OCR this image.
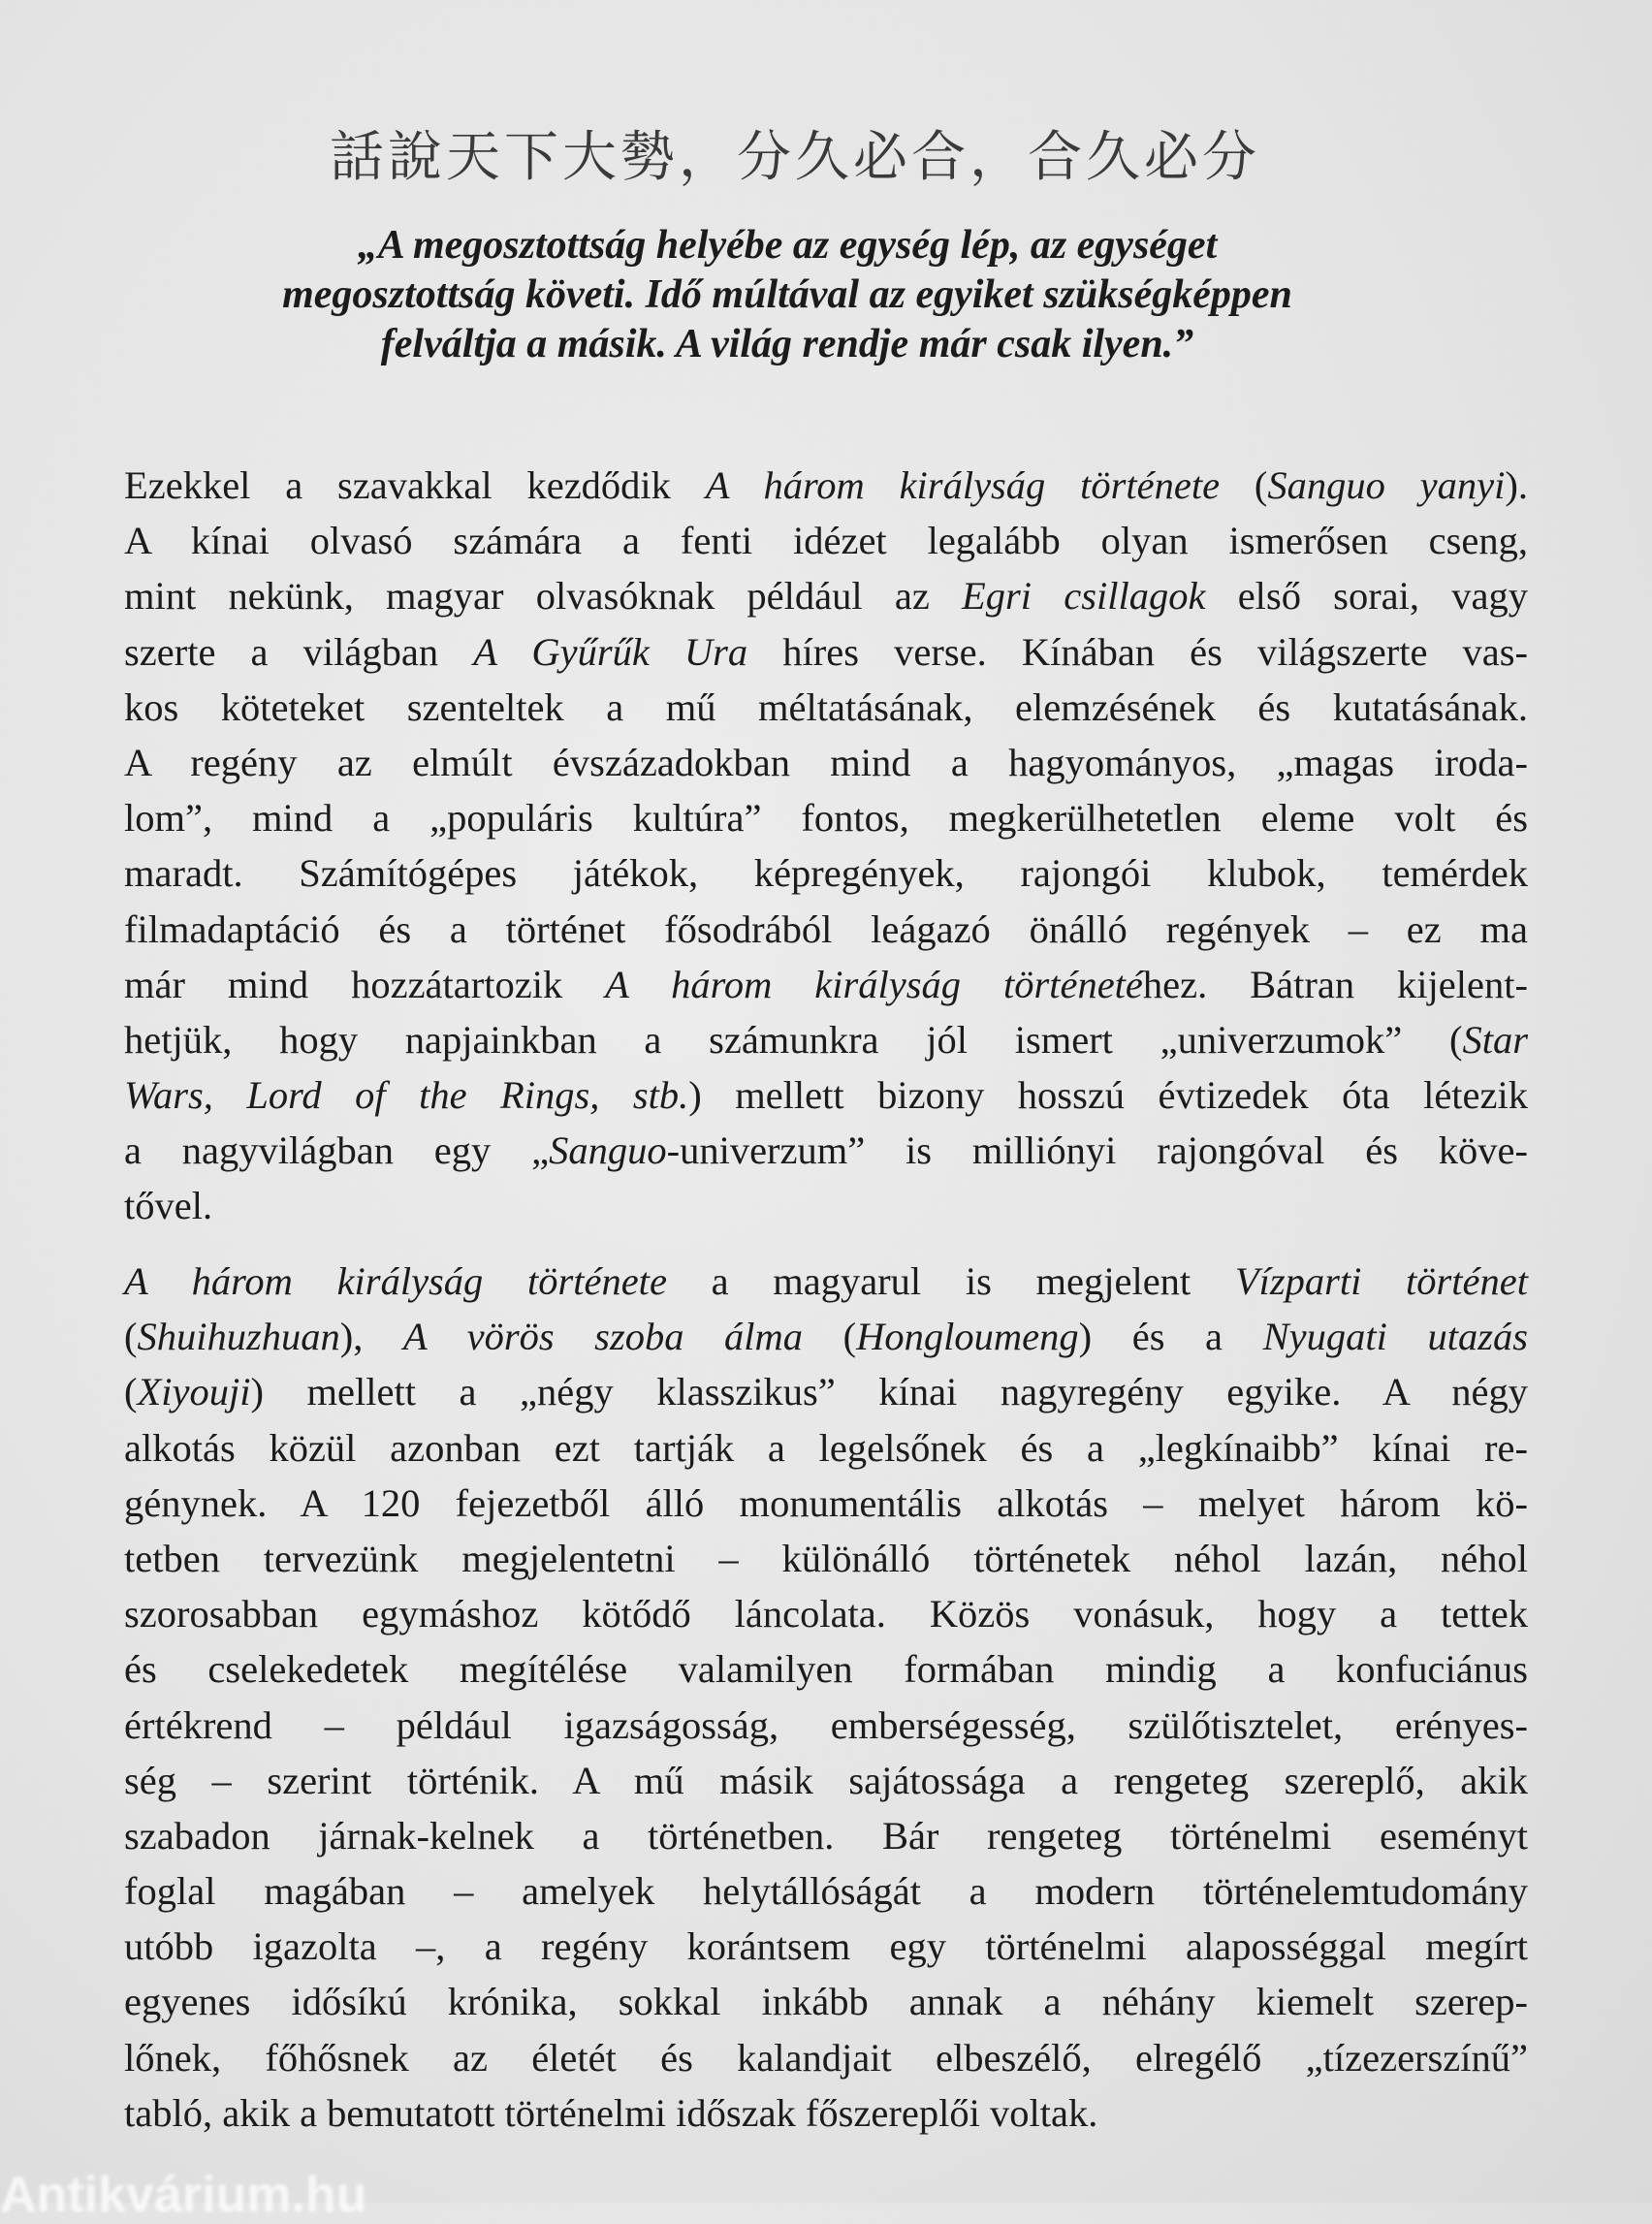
話說天下大勢，分久必合，合久必分
„A megosztottság helyébe az egység lép, az egységet
megosztottság követi. Idő múltával az egyiket szükségképpen
felváltja a másik. A világ rendje már csak ilyen.”
Ezekkel a szavakkal kezdődik A három királyság története (Sanguo yanyi).
A kínai olvasó számára a fenti idézet legalább olyan ismerősen cseng,
mint nekünk, magyar olvasóknak például az Egri csillagok első sorai, vagy
szerte a világban A Gyűrűk Ura híres verse. Kínában és világszerte vas-
kos köteteket szenteltek a mű méltatásának, elemzésének és kutatásának.
A regény az elmúlt évszázadokban mind a hagyományos, „magas iroda-
lom”, mind a „populáris kultúra” fontos, megkerülhetetlen eleme volt és
maradt. Számítógépes játékok, képregények, rajongói klubok, temérdek
filmadaptáció és a történet fősodrából leágazó önálló regények – ez ma
már mind hozzátartozik A három királyság történetéhez. Bátran kijelent-
hetjük, hogy napjainkban a számunkra jól ismert „univerzumok” (Star
Wars, Lord of the Rings, stb.) mellett bizony hosszú évtizedek óta létezik
a nagyvilágban egy „Sanguo-univerzum” is milliónyi rajongóval és köve-
tővel.
A három királyság története a magyarul is megjelent Vízparti történet
(Shuihuzhuan), A vörös szoba álma (Hongloumeng) és a Nyugati utazás
(Xiyouji) mellett a „négy klasszikus” kínai nagyregény egyike. A négy
alkotás közül azonban ezt tartják a legelsőnek és a „legkínaibb” kínai re-
génynek. A 120 fejezetből álló monumentális alkotás – melyet három kö-
tetben tervezünk megjelentetni – különálló történetek néhol lazán, néhol
szorosabban egymáshoz kötődő láncolata. Közös vonásuk, hogy a tettek
és cselekedetek megítélése valamilyen formában mindig a konfuciánus
értékrend – például igazságosság, emberségesség, szülőtisztelet, erényes-
ség – szerint történik. A mű másik sajátossága a rengeteg szereplő, akik
szabadon járnak-kelnek a történetben. Bár rengeteg történelmi eseményt
foglal magában – amelyek helytállóságát a modern történelemtudomány
utóbb igazolta –, a regény korántsem egy történelmi alaposséggal megírt
egyenes idősíkú krónika, sokkal inkább annak a néhány kiemelt szerep-
lőnek, főhősnek az életét és kalandjait elbeszélő, elregélő „tízezerszínű”
tabló, akik a bemutatott történelmi időszak főszereplői voltak.
Antikvárium.hu
